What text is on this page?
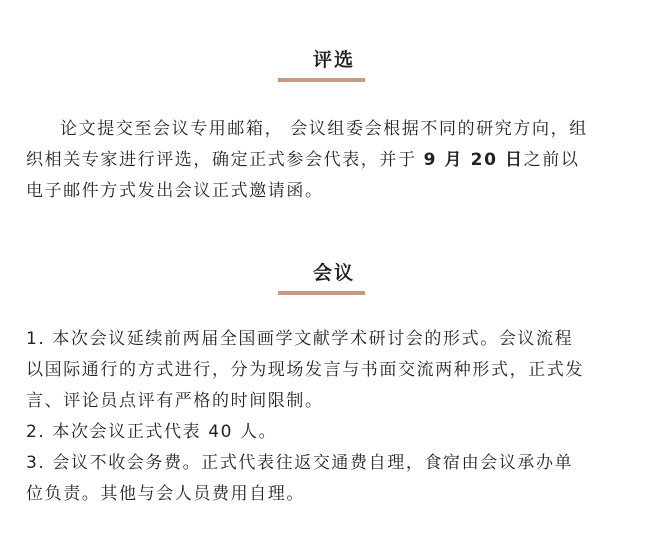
评选
论文提交至会议专用邮箱， 会议组委会根据不同的研究方向，组
织相关专家进行评选，确定正式参会代表，并于 9 月 20 日之前以
电子邮件方式发出会议正式邀请函。
会议
1. 本次会议延续前两届全国画学文献学术研讨会的形式。会议流程
以国际通行的方式进行，分为现场发言与书面交流两种形式，正式发
言、评论员点评有严格的时间限制。
2. 本次会议正式代表 40 人。
3. 会议不收会务费。正式代表往返交通费自理，食宿由会议承办单
位负责。其他与会人员费用自理。
